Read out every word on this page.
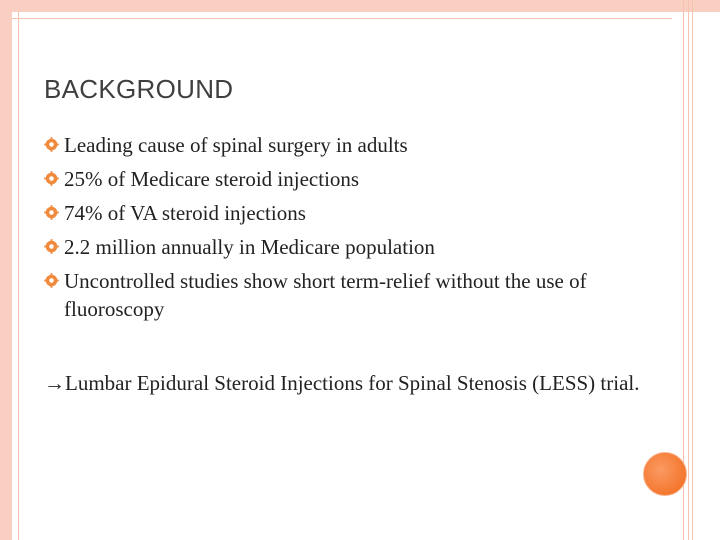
BACKGROUND
Leading cause of spinal surgery in adults
25% of Medicare steroid injections
74% of VA steroid injections
2.2 million annually in Medicare population
Uncontrolled studies show short term-relief without the use of fluoroscopy
→Lumbar Epidural Steroid Injections for Spinal Stenosis (LESS) trial.
